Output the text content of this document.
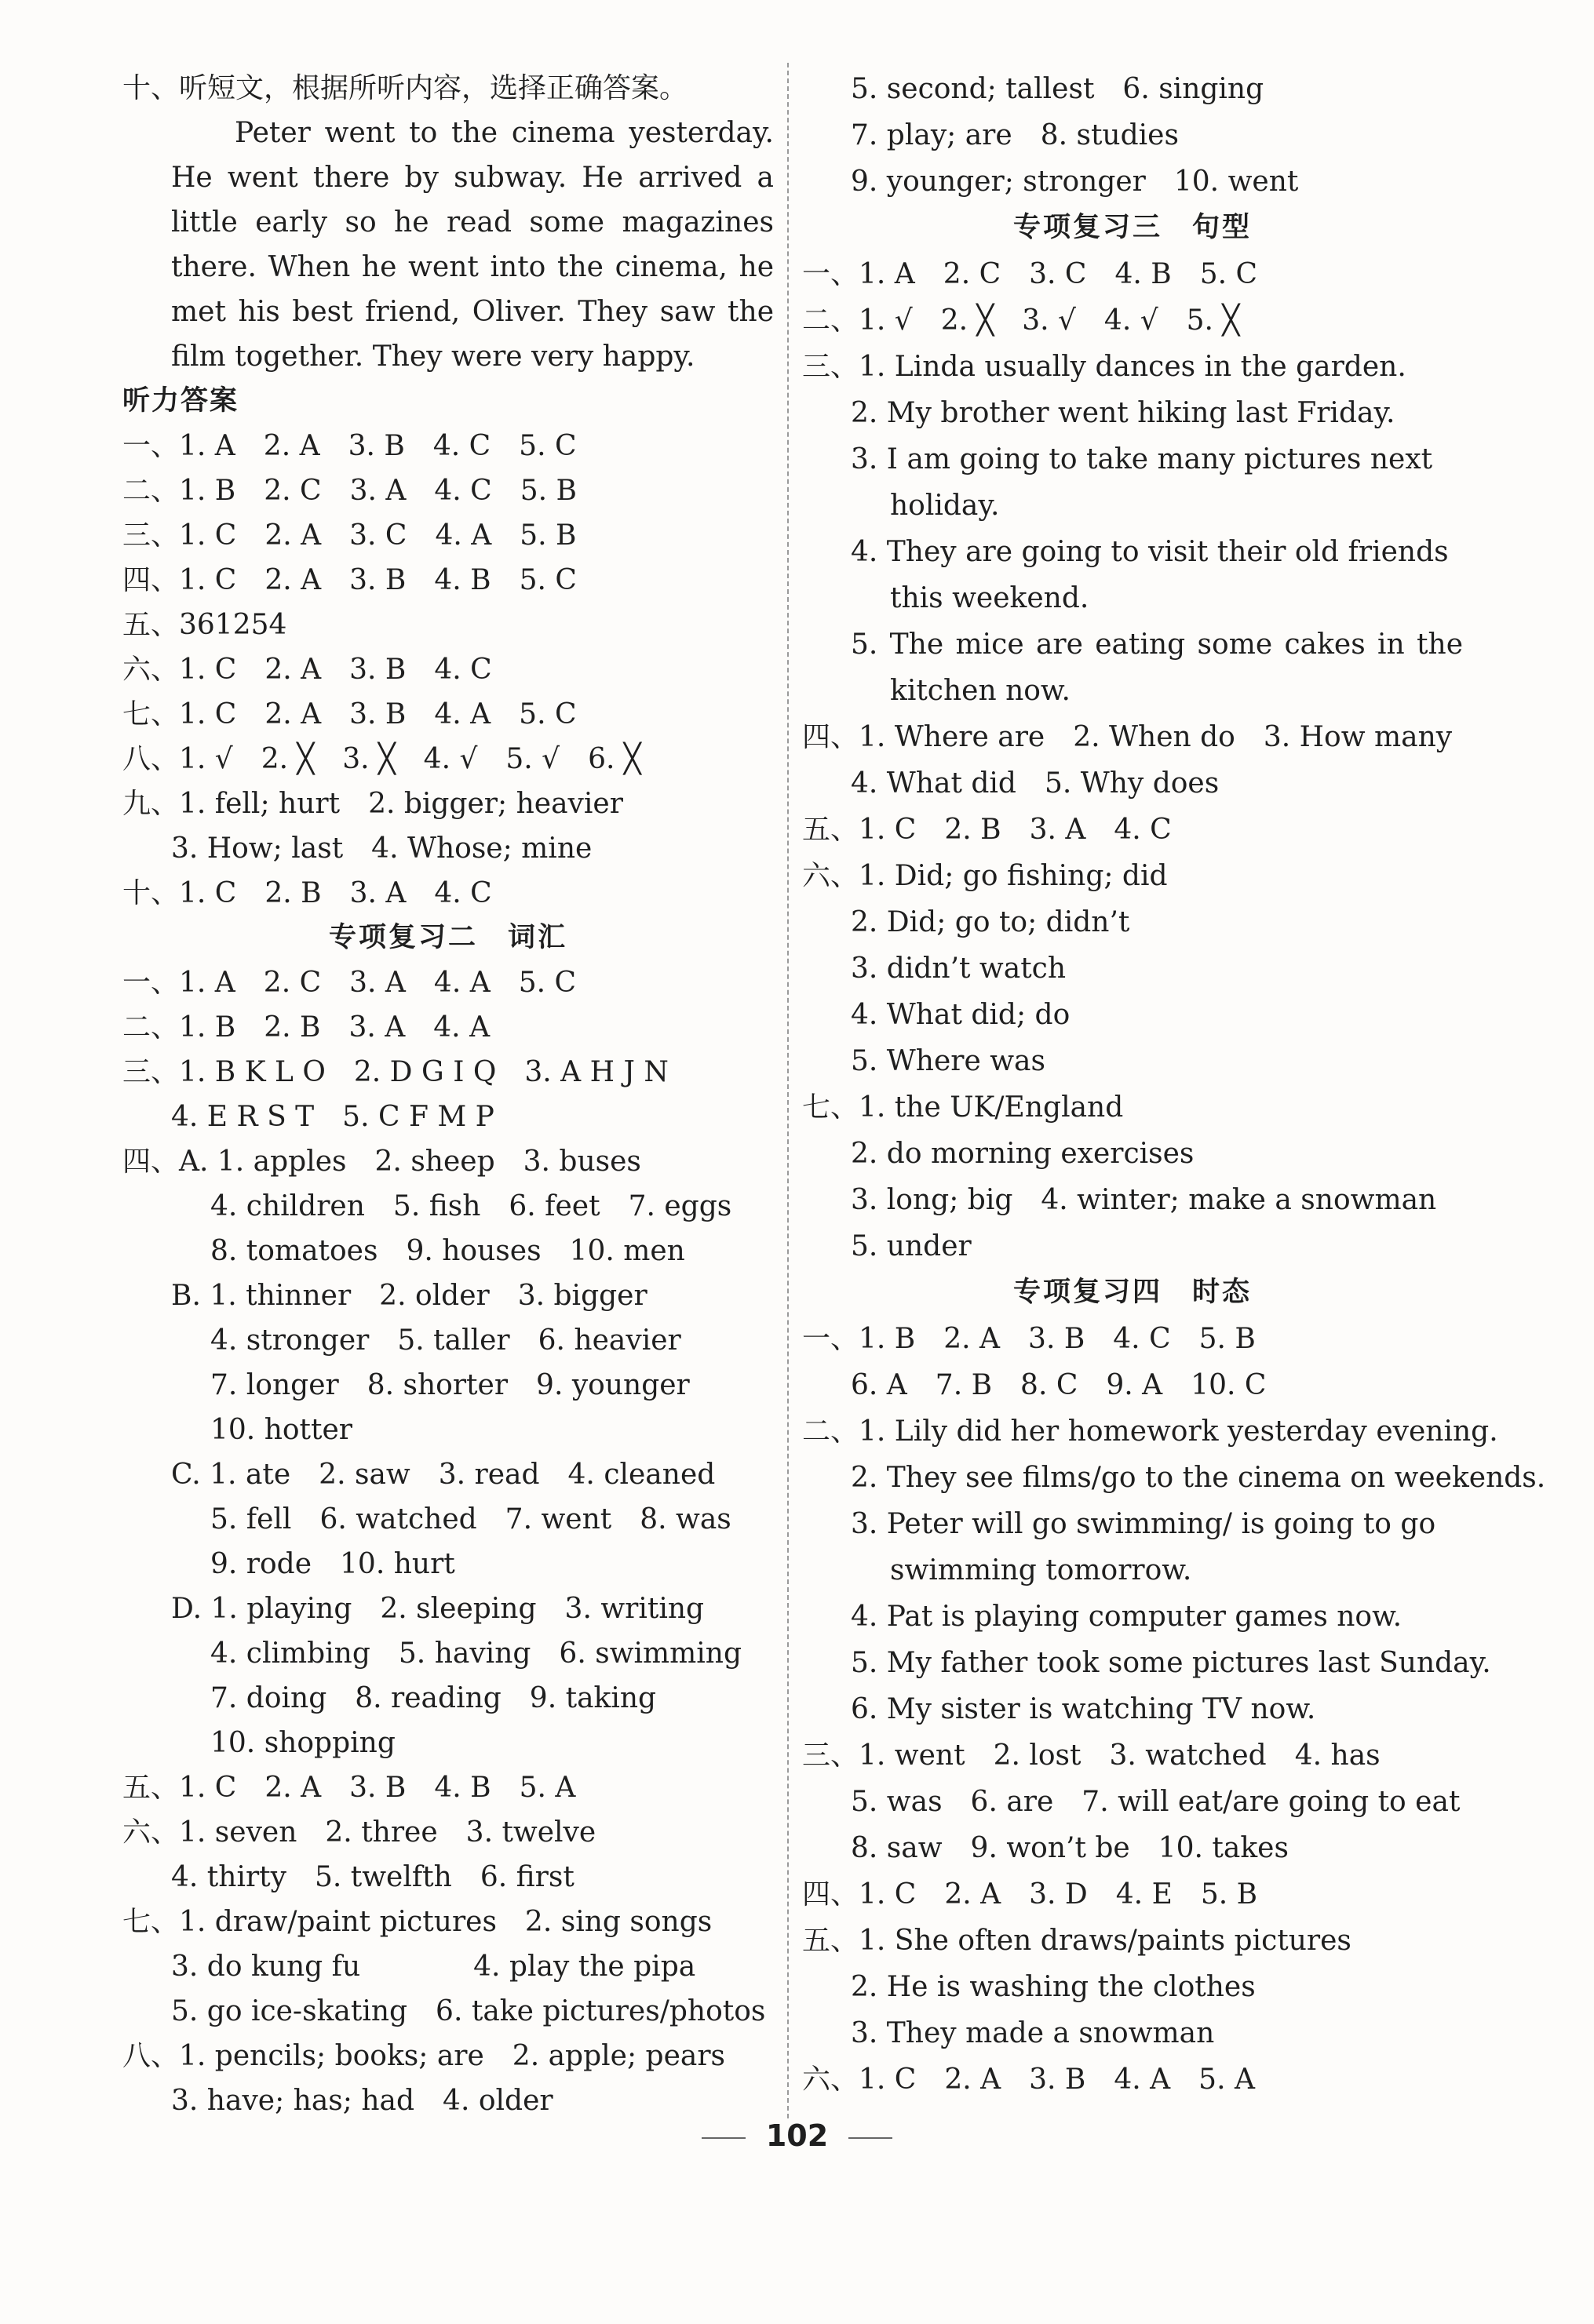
十、听短文，根据所听内容，选择正确答案。
Peter went to the cinema yesterday.
He went there by subway. He arrived a
little early so he read some magazines
there. When he went into the cinema, he
met his best friend, Oliver. They saw the
film together. They were very happy.
听力答案
一、1. A　2. A　3. B　4. C　5. C
二、1. B　2. C　3. A　4. C　5. B
三、1. C　2. A　3. C　4. A　5. B
四、1. C　2. A　3. B　4. B　5. C
五、361254
六、1. C　2. A　3. B　4. C
七、1. C　2. A　3. B　4. A　5. C
八、1. √　2. ╳　3. ╳　4. √　5. √　6. ╳
九、1. fell; hurt　2. bigger; heavier
3. How; last　4. Whose; mine
十、1. C　2. B　3. A　4. C
专项复习二　词汇
一、1. A　2. C　3. A　4. A　5. C
二、1. B　2. B　3. A　4. A
三、1. B K L O　2. D G I Q　3. A H J N
4. E R S T　5. C F M P
四、A. 1. apples　2. sheep　3. buses
4. children　5. fish　6. feet　7. eggs
8. tomatoes　9. houses　10. men
B. 1. thinner　2. older　3. bigger
4. stronger　5. taller　6. heavier
7. longer　8. shorter　9. younger
10. hotter
C. 1. ate　2. saw　3. read　4. cleaned
5. fell　6. watched　7. went　8. was
9. rode　10. hurt
D. 1. playing　2. sleeping　3. writing
4. climbing　5. having　6. swimming
7. doing　8. reading　9. taking
10. shopping
五、1. C　2. A　3. B　4. B　5. A
六、1. seven　2. three　3. twelve
4. thirty　5. twelfth　6. first
七、1. draw/paint pictures　2. sing songs
3. do kung fu　　　　4. play the pipa
5. go ice-skating　6. take pictures/photos
八、1. pencils; books; are　2. apple; pears
3. have; has; had　4. older
5. second; tallest　6. singing
7. play; are　8. studies
9. younger; stronger　10. went
专项复习三　句型
一、1. A　2. C　3. C　4. B　5. C
二、1. √　2. ╳　3. √　4. √　5. ╳
三、1. Linda usually dances in the garden.
2. My brother went hiking last Friday.
3. I am going to take many pictures next
holiday.
4. They are going to visit their old friends
this weekend.
5. The mice are eating some cakes in the
kitchen now.
四、1. Where are　2. When do　3. How many
4. What did　5. Why does
五、1. C　2. B　3. A　4. C
六、1. Did; go fishing; did
2. Did; go to; didn’t
3. didn’t watch
4. What did; do
5. Where was
七、1. the UK/England
2. do morning exercises
3. long; big　4. winter; make a snowman
5. under
专项复习四　时态
一、1. B　2. A　3. B　4. C　5. B
6. A　7. B　8. C　9. A　10. C
二、1. Lily did her homework yesterday evening.
2. They see films/go to the cinema on weekends.
3. Peter will go swimming/ is going to go
swimming tomorrow.
4. Pat is playing computer games now.
5. My father took some pictures last Sunday.
6. My sister is watching TV now.
三、1. went　2. lost　3. watched　4. has
5. was　6. are　7. will eat/are going to eat
8. saw　9. won’t be　10. takes
四、1. C　2. A　3. D　4. E　5. B
五、1. She often draws/paints pictures
2. He is washing the clothes
3. They made a snowman
六、1. C　2. A　3. B　4. A　5. A
102
